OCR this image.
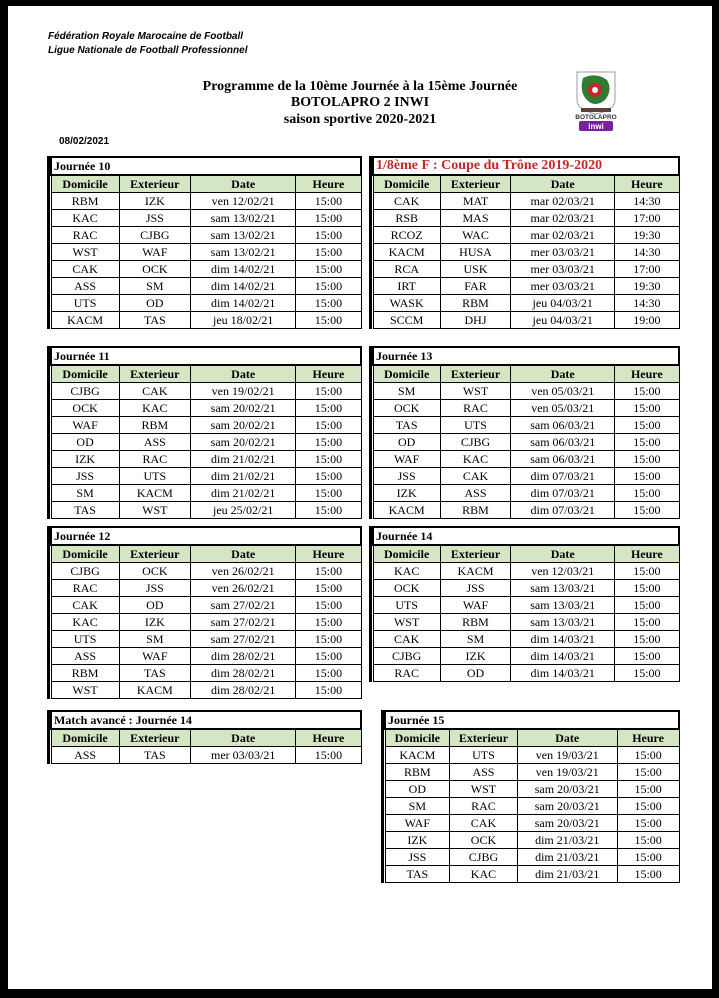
Fédération Royale Marocaine de Football
Ligue Nationale de Football Professionnel
Programme de la 10ème Journée à la 15ème Journée
BOTOLAPRO 2 INWI
saison sportive 2020-2021
08/02/2021
BOTOLAPRO
inwi
Journée 10			
Domicile	Exterieur	Date	Heure
RBM	IZK	ven 12/02/21	15:00
KAC	JSS	sam 13/02/21	15:00
RAC	CJBG	sam 13/02/21	15:00
WST	WAF	sam 13/02/21	15:00
CAK	OCK	dim 14/02/21	15:00
ASS	SM	dim 14/02/21	15:00
UTS	OD	dim 14/02/21	15:00
KACM	TAS	jeu 18/02/21	15:00
1/8ème F : Coupe du Trône 2019-2020			
Domicile	Exterieur	Date	Heure
CAK	MAT	mar 02/03/21	14:30
RSB	MAS	mar 02/03/21	17:00
RCOZ	WAC	mar 02/03/21	19:30
KACM	HUSA	mer 03/03/21	14:30
RCA	USK	mer 03/03/21	17:00
IRT	FAR	mer 03/03/21	19:30
WASK	RBM	jeu 04/03/21	14:30
SCCM	DHJ	jeu 04/03/21	19:00
Journée 11			
Domicile	Exterieur	Date	Heure
CJBG	CAK	ven 19/02/21	15:00
OCK	KAC	sam 20/02/21	15:00
WAF	RBM	sam 20/02/21	15:00
OD	ASS	sam 20/02/21	15:00
IZK	RAC	dim 21/02/21	15:00
JSS	UTS	dim 21/02/21	15:00
SM	KACM	dim 21/02/21	15:00
TAS	WST	jeu 25/02/21	15:00
Journée 13			
Domicile	Exterieur	Date	Heure
SM	WST	ven 05/03/21	15:00
OCK	RAC	ven 05/03/21	15:00
TAS	UTS	sam 06/03/21	15:00
OD	CJBG	sam 06/03/21	15:00
WAF	KAC	sam 06/03/21	15:00
JSS	CAK	dim 07/03/21	15:00
IZK	ASS	dim 07/03/21	15:00
KACM	RBM	dim 07/03/21	15:00
Journée 12			
Domicile	Exterieur	Date	Heure
CJBG	OCK	ven 26/02/21	15:00
RAC	JSS	ven 26/02/21	15:00
CAK	OD	sam 27/02/21	15:00
KAC	IZK	sam 27/02/21	15:00
UTS	SM	sam 27/02/21	15:00
ASS	WAF	dim 28/02/21	15:00
RBM	TAS	dim 28/02/21	15:00
WST	KACM	dim 28/02/21	15:00
Journée 14			
Domicile	Exterieur	Date	Heure
KAC	KACM	ven 12/03/21	15:00
OCK	JSS	sam 13/03/21	15:00
UTS	WAF	sam 13/03/21	15:00
WST	RBM	sam 13/03/21	15:00
CAK	SM	dim 14/03/21	15:00
CJBG	IZK	dim 14/03/21	15:00
RAC	OD	dim 14/03/21	15:00
Match avancé : Journée 14			
Domicile	Exterieur	Date	Heure
ASS	TAS	mer 03/03/21	15:00
Journée 15			
Domicile	Exterieur	Date	Heure
KACM	UTS	ven 19/03/21	15:00
RBM	ASS	ven 19/03/21	15:00
OD	WST	sam 20/03/21	15:00
SM	RAC	sam 20/03/21	15:00
WAF	CAK	sam 20/03/21	15:00
IZK	OCK	dim 21/03/21	15:00
JSS	CJBG	dim 21/03/21	15:00
TAS	KAC	dim 21/03/21	15:00
